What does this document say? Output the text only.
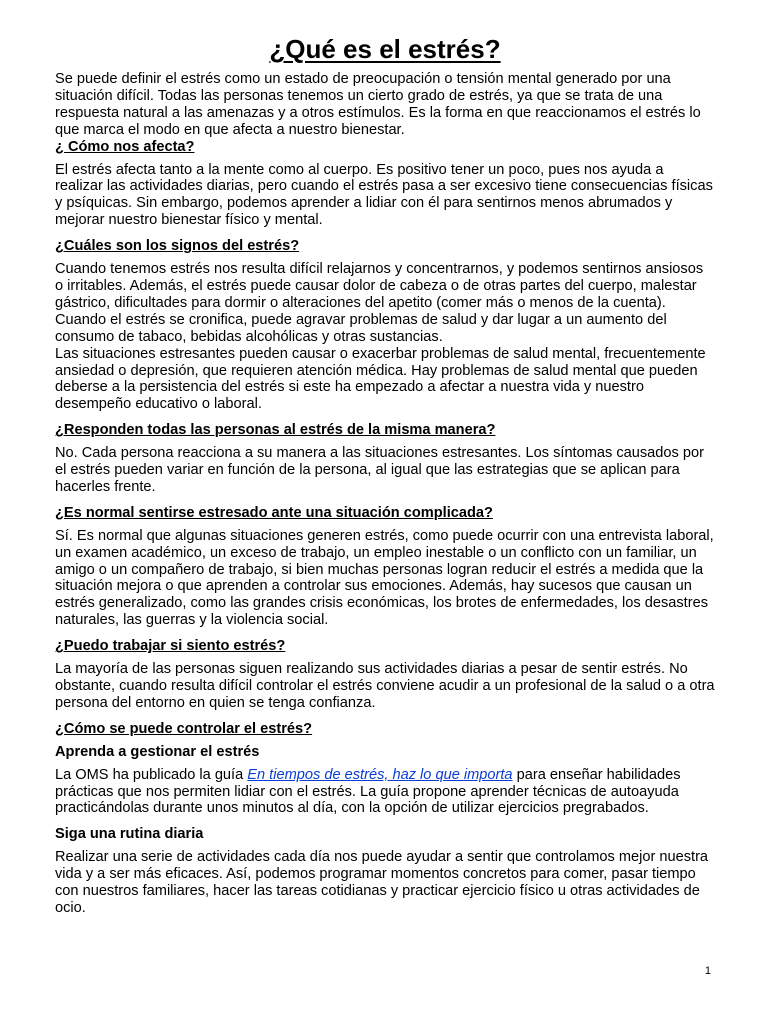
¿Qué es el estrés?

Se puede definir el estrés como un estado de preocupación o tensión mental generado por una situación difícil. Todas las personas tenemos un cierto grado de estrés, ya que se trata de una respuesta natural a las amenazas y a otros estímulos. Es la forma en que reaccionamos el estrés lo que marca el modo en que afecta a nuestro bienestar.

¿ Cómo nos afecta?

El estrés afecta tanto a la mente como al cuerpo. Es positivo tener un poco, pues nos ayuda a realizar las actividades diarias, pero cuando el estrés pasa a ser excesivo tiene consecuencias físicas y psíquicas. Sin embargo, podemos aprender a lidiar con él para sentirnos menos abrumados y mejorar nuestro bienestar físico y mental.

¿Cuáles son los signos del estrés?

Cuando tenemos estrés nos resulta difícil relajarnos y concentrarnos, y podemos sentirnos ansiosos o irritables. Además, el estrés puede causar dolor de cabeza o de otras partes del cuerpo, malestar gástrico, dificultades para dormir o alteraciones del apetito (comer más o menos de la cuenta). Cuando el estrés se cronifica, puede agravar problemas de salud y dar lugar a un aumento del consumo de tabaco, bebidas alcohólicas y otras sustancias.

Las situaciones estresantes pueden causar o exacerbar problemas de salud mental, frecuentemente ansiedad o depresión, que requieren atención médica. Hay problemas de salud mental que pueden deberse a la persistencia del estrés si este ha empezado a afectar a nuestra vida y nuestro desempeño educativo o laboral.

¿Responden todas las personas al estrés de la misma manera?

No. Cada persona reacciona a su manera a las situaciones estresantes. Los síntomas causados por el estrés pueden variar en función de la persona, al igual que las estrategias que se aplican para hacerles frente.

¿Es normal sentirse estresado ante una situación complicada?

Sí. Es normal que algunas situaciones generen estrés, como puede ocurrir con una entrevista laboral, un examen académico, un exceso de trabajo, un empleo inestable o un conflicto con un familiar, un amigo o un compañero de trabajo, si bien muchas personas logran reducir el estrés a medida que la situación mejora o que aprenden a controlar sus emociones. Además, hay sucesos que causan un estrés generalizado, como las grandes crisis económicas, los brotes de enfermedades, los desastres naturales, las guerras y la violencia social.

¿Puedo trabajar si siento estrés?

La mayoría de las personas siguen realizando sus actividades diarias a pesar de sentir estrés. No obstante, cuando resulta difícil controlar el estrés conviene acudir a un profesional de la salud o a otra persona del entorno en quien se tenga confianza.

¿Cómo se puede controlar el estrés?

Aprenda a gestionar el estrés

La OMS ha publicado la guía En tiempos de estrés, haz lo que importa para enseñar habilidades prácticas que nos permiten lidiar con el estrés. La guía propone aprender técnicas de autoayuda practicándolas durante unos minutos al día, con la opción de utilizar ejercicios pregrabados.

Siga una rutina diaria

Realizar una serie de actividades cada día nos puede ayudar a sentir que controlamos mejor nuestra vida y a ser más eficaces. Así, podemos programar momentos concretos para comer, pasar tiempo con nuestros familiares, hacer las tareas cotidianas y practicar ejercicio físico u otras actividades de ocio.

1
